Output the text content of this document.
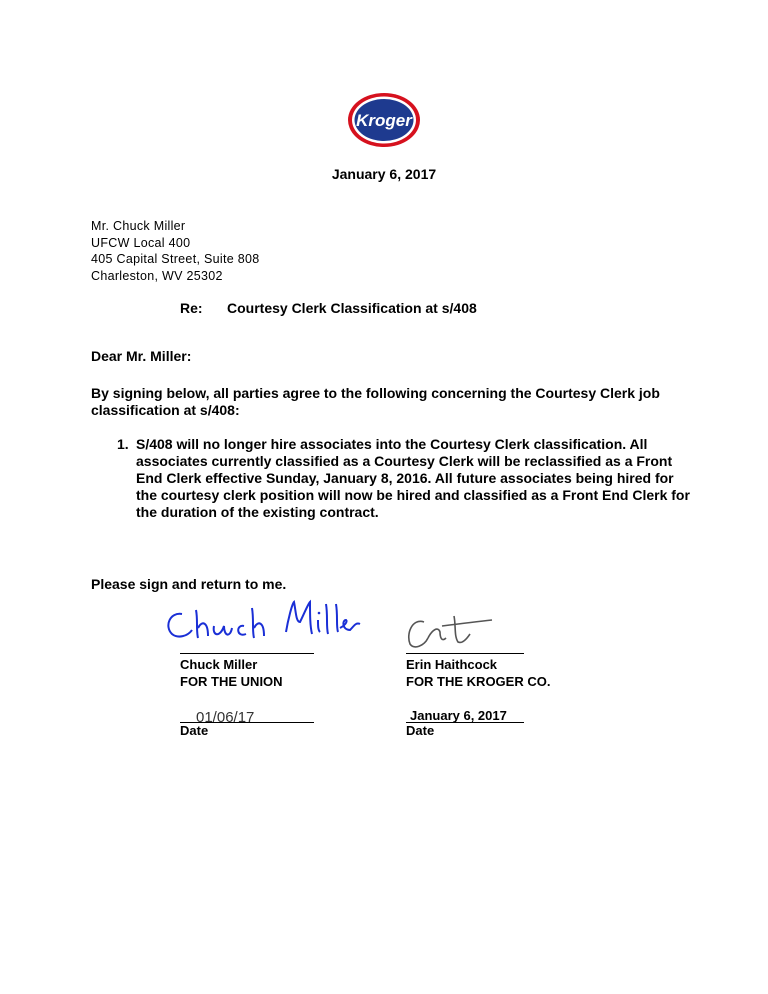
Kroger
January 6, 2017
Mr. Chuck Miller
UFCW Local 400
405 Capital Street, Suite 808
Charleston, WV 25302
Re: Courtesy Clerk Classification at s/408
Dear Mr. Miller:
By signing below, all parties agree to the following concerning the Courtesy Clerk job classification at s/408:
1. S/408 will no longer hire associates into the Courtesy Clerk classification. All associates currently classified as a Courtesy Clerk will be reclassified as a Front End Clerk effective Sunday, January 8, 2016. All future associates being hired for the courtesy clerk position will now be hired and classified as a Front End Clerk for the duration of the existing contract.
Please sign and return to me.
Chuck Miller
FOR THE UNION
01/06/17
Date
Erin Haithcock
FOR THE KROGER CO.
January 6, 2017
Date
